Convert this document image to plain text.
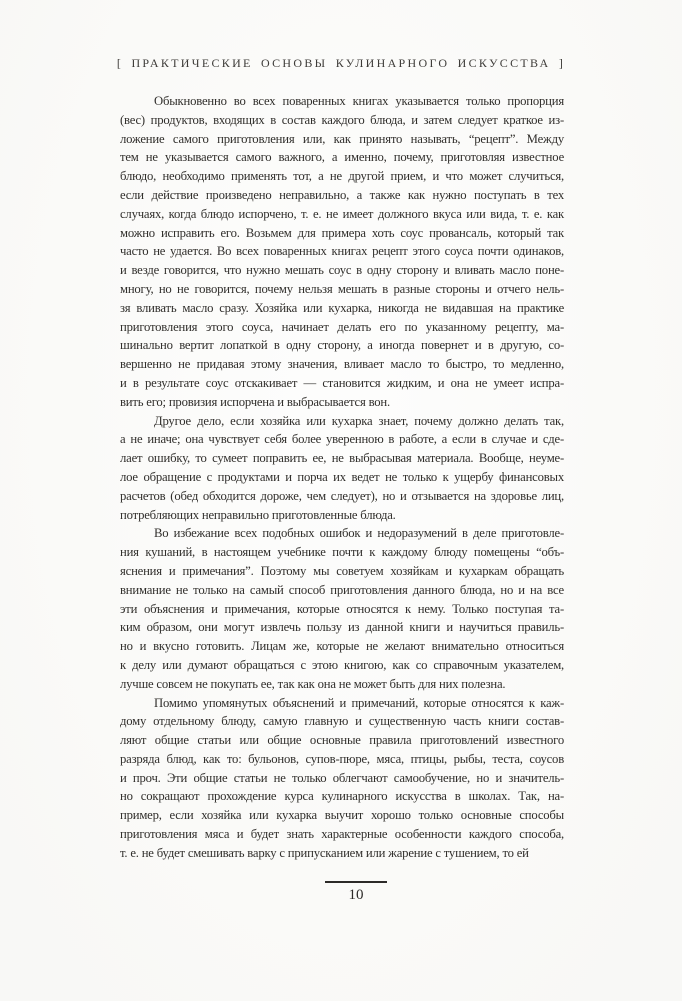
[ ПРАКТИЧЕСКИЕ ОСНОВЫ КУЛИНАРНОГО ИСКУССТВА ]
Обыкновенно во всех поваренных книгах указывается только пропорция
(вес) продуктов, входящих в состав каждого блюда, и затем следует краткое из-
ложение самого приготовления или, как принято называть, “рецепт”. Между
тем не указывается самого важного, а именно, почему, приготовляя известное
блюдо, необходимо применять тот, а не другой прием, и что может случиться,
если действие произведено неправильно, а также как нужно поступать в тех
случаях, когда блюдо испорчено, т. е. не имеет должного вкуса или вида, т. е. как
можно исправить его. Возьмем для примера хоть соус провансаль, который так
часто не удается. Во всех поваренных книгах рецепт этого соуса почти одинаков,
и везде говорится, что нужно мешать соус в одну сторону и вливать масло поне-
многу, но не говорится, почему нельзя мешать в разные стороны и отчего нель-
зя вливать масло сразу. Хозяйка или кухарка, никогда не видавшая на практике
приготовления этого соуса, начинает делать его по указанному рецепту, ма-
шинально вертит лопаткой в одну сторону, а иногда повернет и в другую, со-
вершенно не придавая этому значения, вливает масло то быстро, то медленно,
и в результате соус отскакивает — становится жидким, и она не умеет испра-
вить его; провизия испорчена и выбрасывается вон.
Другое дело, если хозяйка или кухарка знает, почему должно делать так,
а не иначе; она чувствует себя более уверенною в работе, а если в случае и сде-
лает ошибку, то сумеет поправить ее, не выбрасывая материала. Вообще, неуме-
лое обращение с продуктами и порча их ведет не только к ущербу финансовых
расчетов (обед обходится дороже, чем следует), но и отзывается на здоровье лиц,
потребляющих неправильно приготовленные блюда.
Во избежание всех подобных ошибок и недоразумений в деле приготовле-
ния кушаний, в настоящем учебнике почти к каждому блюду помещены “объ-
яснения и примечания”. Поэтому мы советуем хозяйкам и кухаркам обращать
внимание не только на самый способ приготовления данного блюда, но и на все
эти объяснения и примечания, которые относятся к нему. Только поступая та-
ким образом, они могут извлечь пользу из данной книги и научиться правиль-
но и вкусно готовить. Лицам же, которые не желают внимательно относиться
к делу или думают обращаться с этою книгою, как со справочным указателем,
лучше совсем не покупать ее, так как она не может быть для них полезна.
Помимо упомянутых объяснений и примечаний, которые относятся к каж-
дому отдельному блюду, самую главную и существенную часть книги состав-
ляют общие статьи или общие основные правила приготовлений известного
разряда блюд, как то: бульонов, супов-пюре, мяса, птицы, рыбы, теста, соусов
и проч. Эти общие статьи не только облегчают самообучение, но и значитель-
но сокращают прохождение курса кулинарного искусства в школах. Так, на-
пример, если хозяйка или кухарка выучит хорошо только основные способы
приготовления мяса и будет знать характерные особенности каждого способа,
т. е. не будет смешивать варку с припусканием или жарение с тушением, то ей
10
